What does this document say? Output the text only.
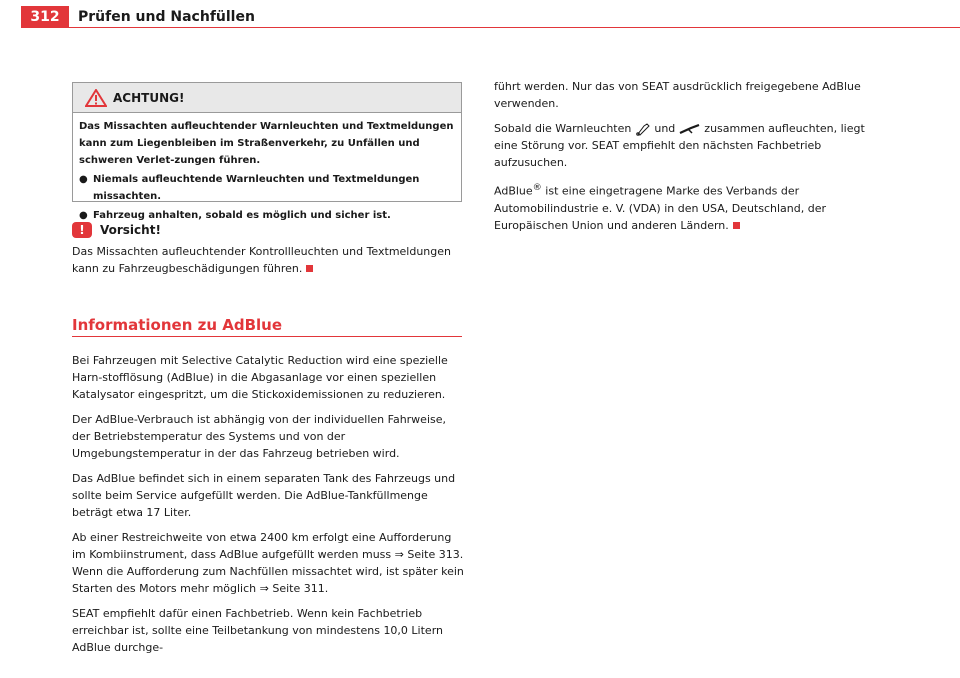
312	Prüfen und Nachfüllen
ACHTUNG!

Das Missachten aufleuchtender Warnleuchten und Textmeldungen kann zum Liegenbleiben im Straßenverkehr, zu Unfällen und schweren Verlet-zungen führen.

● Niemals aufleuchtende Warnleuchten und Textmeldungen missachten.
● Fahrzeug anhalten, sobald es möglich und sicher ist.
!	Vorsicht!
Das Missachten aufleuchtender Kontrollleuchten und Textmeldungen kann zu Fahrzeugbeschädigungen führen.
Informationen zu AdBlue

Bei Fahrzeugen mit Selective Catalytic Reduction wird eine spezielle Harn-stofflösung (AdBlue) in die Abgasanlage vor einen speziellen Katalysator eingespritzt, um die Stickoxidemissionen zu reduzieren.

Der AdBlue-Verbrauch ist abhängig von der individuellen Fahrweise, der Betriebstemperatur des Systems und von der Umgebungstemperatur in der das Fahrzeug betrieben wird.

Das AdBlue befindet sich in einem separaten Tank des Fahrzeugs und sollte beim Service aufgefüllt werden. Die AdBlue-Tankfüllmenge beträgt etwa 17 Liter.

Ab einer Restreichweite von etwa 2400 km erfolgt eine Aufforderung im Kombiinstrument, dass AdBlue aufgefüllt werden muss ⇒ Seite 313. Wenn die Aufforderung zum Nachfüllen missachtet wird, ist später kein Starten des Motors mehr möglich ⇒ Seite 311.

SEAT empfiehlt dafür einen Fachbetrieb. Wenn kein Fachbetrieb erreichbar ist, sollte eine Teilbetankung von mindestens 10,0 Litern AdBlue durchge-

führt werden. Nur das von SEAT ausdrücklich freigegebene AdBlue verwenden.

Sobald die Warnleuchten und	zusammen aufleuchten, liegt eine Störung vor. SEAT empfiehlt den nächsten Fachbetrieb aufzusuchen.

AdBlue® ist eine eingetragene Marke des Verbands der Automobilindustrie e. V. (VDA) in den USA, Deutschland, der Europäischen Union und anderen Ländern.
